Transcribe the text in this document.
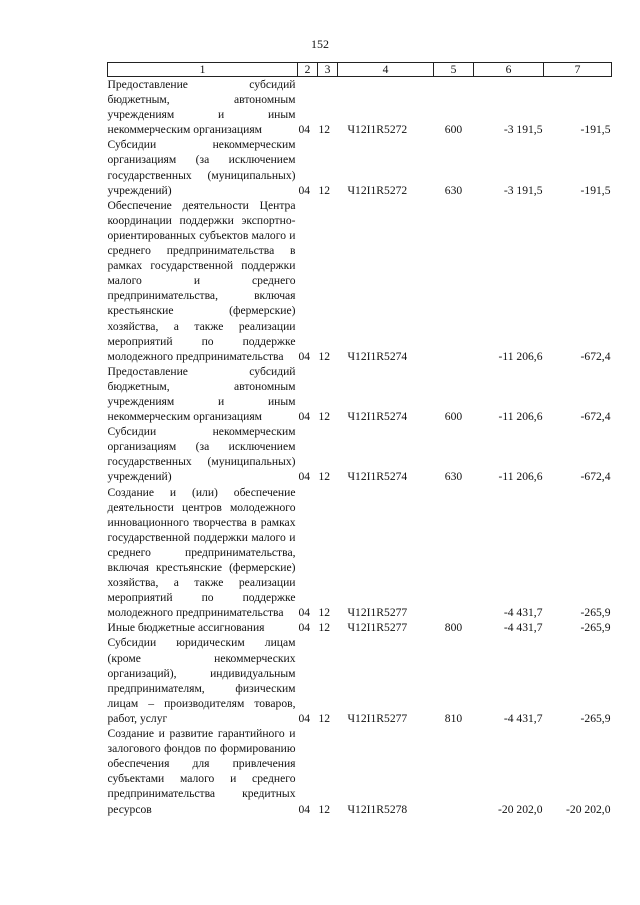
152
1	2	3	4	5	6	7
Предоставление субсидий бюджетным, автономным учреждениям и иным некоммерческим организациям	04	12	Ч12I1R5272	600	-3 191,5	-191,5
Субсидии некоммерческим организациям (за исключением государственных (муниципальных) учреждений)	04	12	Ч12I1R5272	630	-3 191,5	-191,5
Обеспечение деятельности Центра координации поддержки экспортно-ориентированных субъектов малого и среднего предпринимательства в рамках государственной поддержки малого и среднего предпринимательства, включая крестьянские (фермерские) хозяйства, а также реализации мероприятий по поддержке молодежного предпринимательства	04	12	Ч12I1R5274		-11 206,6	-672,4
Предоставление субсидий бюджетным, автономным учреждениям и иным некоммерческим организациям	04	12	Ч12I1R5274	600	-11 206,6	-672,4
Субсидии некоммерческим организациям (за исключением государственных (муниципальных) учреждений)	04	12	Ч12I1R5274	630	-11 206,6	-672,4
Создание и (или) обеспечение деятельности центров молодежного инновационного творчества в рамках государственной поддержки малого и среднего предпринимательства, включая крестьянские (фермерские) хозяйства, а также реализации мероприятий по поддержке молодежного предпринимательства	04	12	Ч12I1R5277		-4 431,7	-265,9
Иные бюджетные ассигнования	04	12	Ч12I1R5277	800	-4 431,7	-265,9
Субсидии юридическим лицам (кроме некоммерческих организаций), индивидуальным предпринимателям, физическим лицам – производителям товаров, работ, услуг	04	12	Ч12I1R5277	810	-4 431,7	-265,9
Создание и развитие гарантийного и залогового фондов по формированию обеспечения для привлечения субъектами малого и среднего предпринимательства кредитных ресурсов	04	12	Ч12I1R5278		-20 202,0	-20 202,0
